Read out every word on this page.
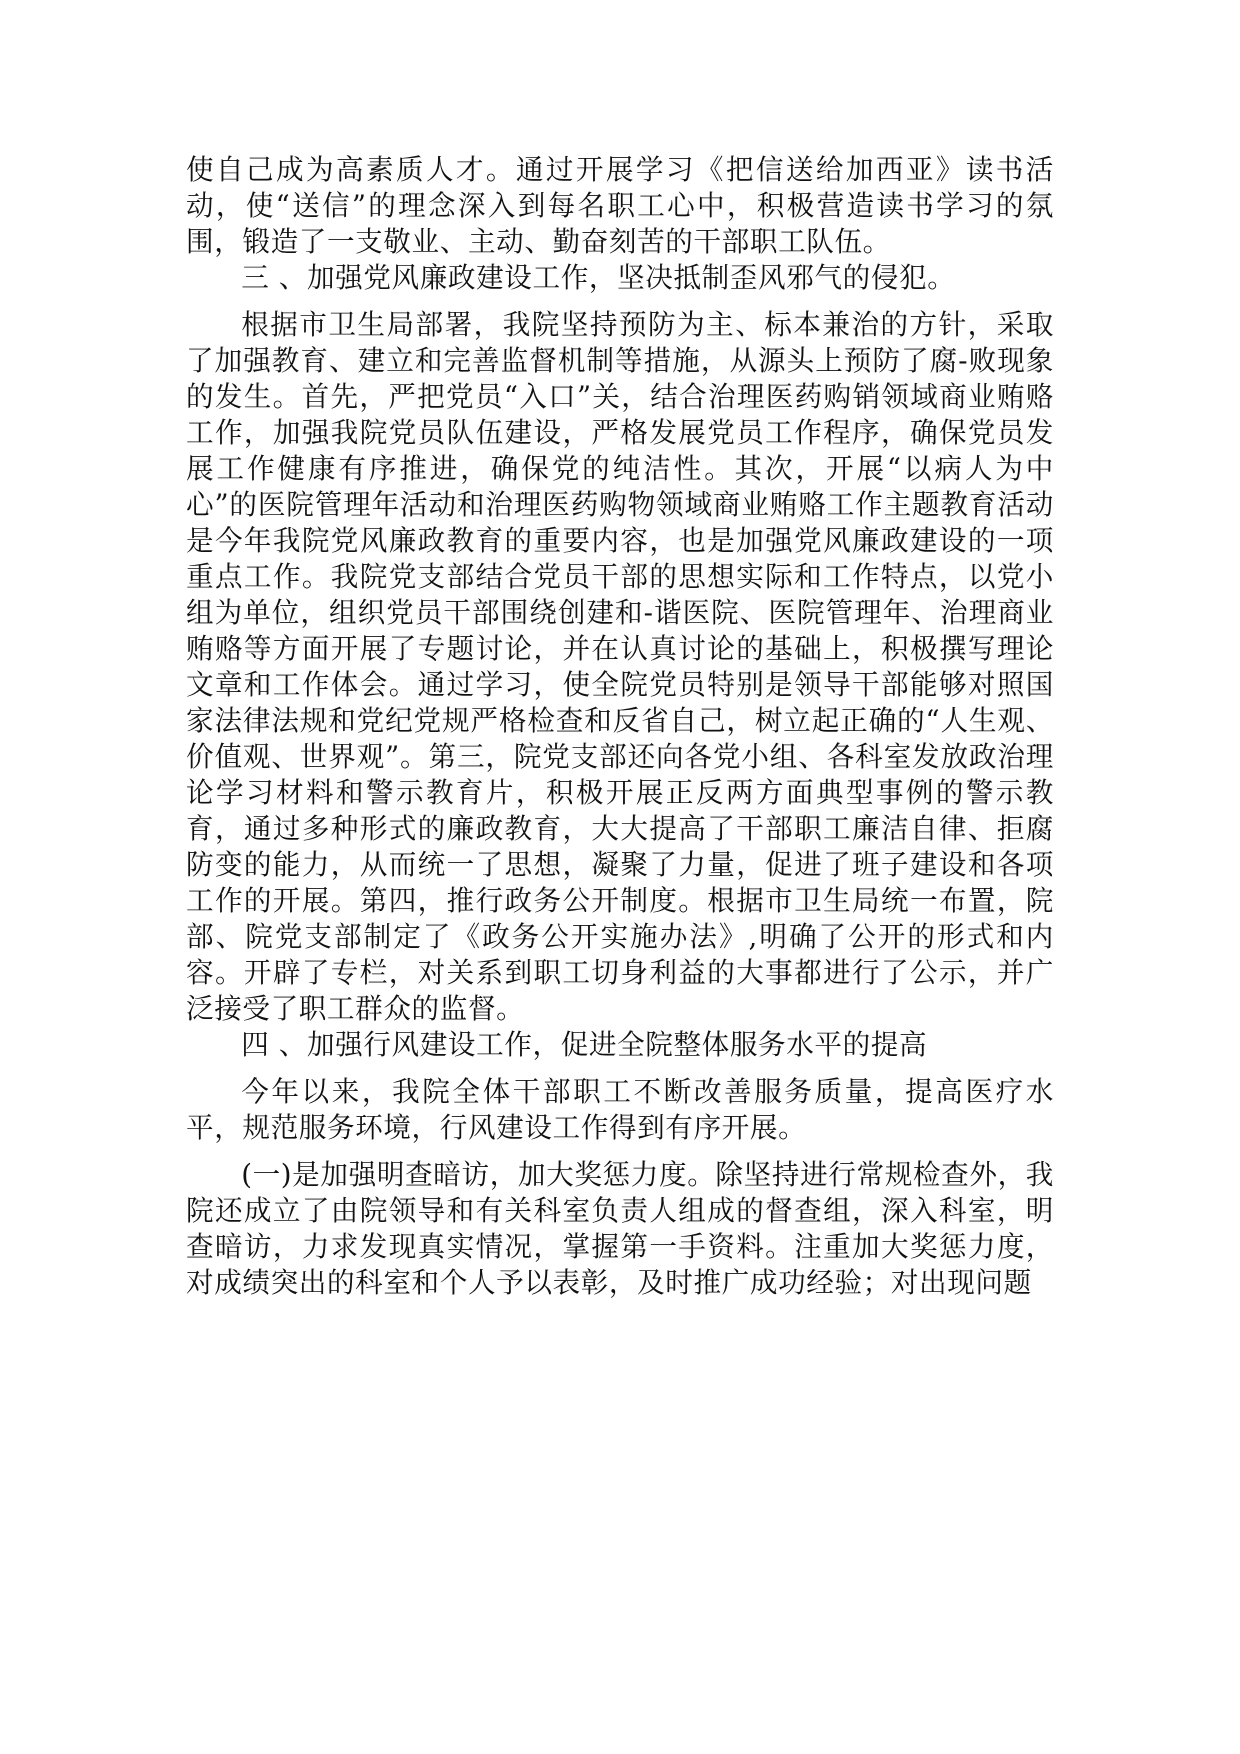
使自己成为高素质人才。通过开展学习《把信送给加西亚》读书活动，使“送信”的理念深入到每名职工心中，积极营造读书学习的氛围，锻造了一支敬业、主动、勤奋刻苦的干部职工队伍。

三 、加强党风廉政建设工作，坚决抵制歪风邪气的侵犯。

根据市卫生局部署，我院坚持预防为主、标本兼治的方针，采取了加强教育、建立和完善监督机制等措施，从源头上预防了腐-败现象的发生。首先，严把党员“入口”关，结合治理医药购销领域商业贿赂工作，加强我院党员队伍建设，严格发展党员工作程序，确保党员发展工作健康有序推进，确保党的纯洁性。其次，开展“以病人为中心”的医院管理年活动和治理医药购物领域商业贿赂工作主题教育活动是今年我院党风廉政教育的重要内容，也是加强党风廉政建设的一项重点工作。我院党支部结合党员干部的思想实际和工作特点，以党小组为单位，组织党员干部围绕创建和-谐医院、医院管理年、治理商业贿赂等方面开展了专题讨论，并在认真讨论的基础上，积极撰写理论文章和工作体会。通过学习，使全院党员特别是领导干部能够对照国家法律法规和党纪党规严格检查和反省自己，树立起正确的“人生观、价值观、世界观”。第三，院党支部还向各党小组、各科室发放政治理论学习材料和警示教育片，积极开展正反两方面典型事例的警示教育，通过多种形式的廉政教育，大大提高了干部职工廉洁自律、拒腐防变的能力，从而统一了思想，凝聚了力量，促进了班子建设和各项工作的开展。第四，推行政务公开制度。根据市卫生局统一布置，院部、院党支部制定了《政务公开实施办法》,明确了公开的形式和内容。开辟了专栏，对关系到职工切身利益的大事都进行了公示，并广泛接受了职工群众的监督。

四 、加强行风建设工作，促进全院整体服务水平的提高

今年以来，我院全体干部职工不断改善服务质量，提高医疗水平，规范服务环境，行风建设工作得到有序开展。

(一)是加强明查暗访，加大奖惩力度。除坚持进行常规检查外，我院还成立了由院领导和有关科室负责人组成的督查组，深入科室，明查暗访，力求发现真实情况，掌握第一手资料。注重加大奖惩力度，对成绩突出的科室和个人予以表彰，及时推广成功经验；对出现问题
